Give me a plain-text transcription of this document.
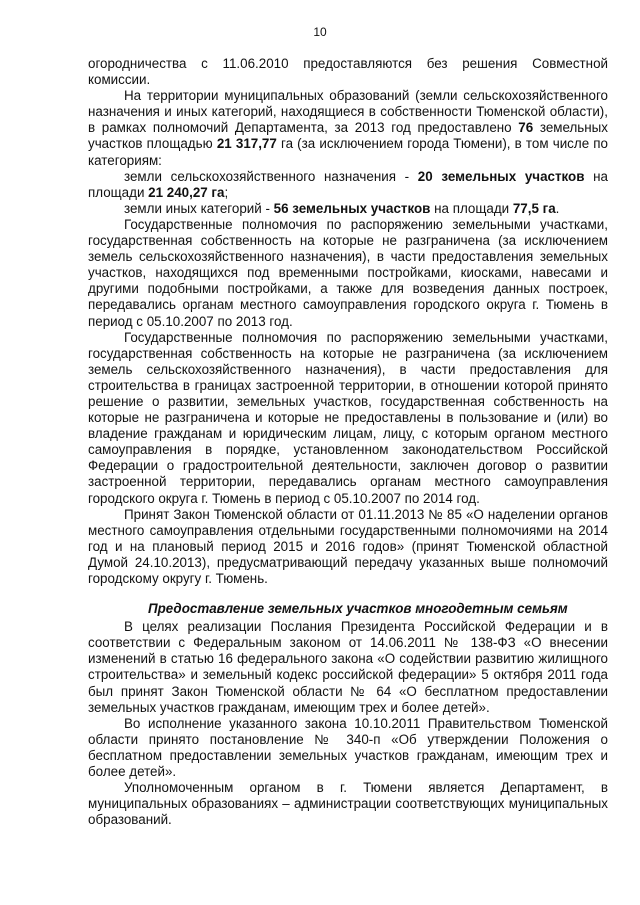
10

огородничества с 11.06.2010 предоставляются без решения Совместной комиссии.

На территории муниципальных образований (земли сельскохозяйственного назначения и иных категорий, находящиеся в собственности Тюменской области), в рамках полномочий Департамента, за 2013 год предоставлено 76 земельных участков площадью 21 317,77 га (за исключением города Тюмени), в том числе по категориям:

земли сельскохозяйственного назначения - 20 земельных участков на площади 21 240,27 га;

земли иных категорий - 56 земельных участков на площади 77,5 га.

Государственные полномочия по распоряжению земельными участками, государственная собственность на которые не разграничена (за исключением земель сельскохозяйственного назначения), в части предоставления земельных участков, находящихся под временными постройками, киосками, навесами и другими подобными постройками, а также для возведения данных построек, передавались органам местного самоуправления городского округа г. Тюмень в период с 05.10.2007 по 2013 год.

Государственные полномочия по распоряжению земельными участками, государственная собственность на которые не разграничена (за исключением земель сельскохозяйственного назначения), в части предоставления для строительства в границах застроенной территории, в отношении которой принято решение о развитии, земельных участков, государственная собственность на которые не разграничена и которые не предоставлены в пользование и (или) во владение гражданам и юридическим лицам, лицу, с которым органом местного самоуправления в порядке, установленном законодательством Российской Федерации о градостроительной деятельности, заключен договор о развитии застроенной территории, передавались органам местного самоуправления городского округа г. Тюмень в период с 05.10.2007 по 2014 год.

Принят Закон Тюменской области от 01.11.2013 № 85 «О наделении органов местного самоуправления отдельными государственными полномочиями на 2014 год и на плановый период 2015 и 2016 годов» (принят Тюменской областной Думой 24.10.2013), предусматривающий передачу указанных выше полномочий городскому округу г. Тюмень.

Предоставление земельных участков многодетным семьям

В целях реализации Послания Президента Российской Федерации и в соответствии с Федеральным законом от 14.06.2011 № 138-ФЗ «О внесении изменений в статью 16 федерального закона «О содействии развитию жилищного строительства» и земельный кодекс российской федерации» 5 октября 2011 года был принят Закон Тюменской области № 64 «О бесплатном предоставлении земельных участков гражданам, имеющим трех и более детей».

Во исполнение указанного закона 10.10.2011 Правительством Тюменской области принято постановление № 340-п «Об утверждении Положения о бесплатном предоставлении земельных участков гражданам, имеющим трех и более детей».

Уполномоченным органом в г. Тюмени является Департамент, в муниципальных образованиях – администрации соответствующих муниципальных образований.
